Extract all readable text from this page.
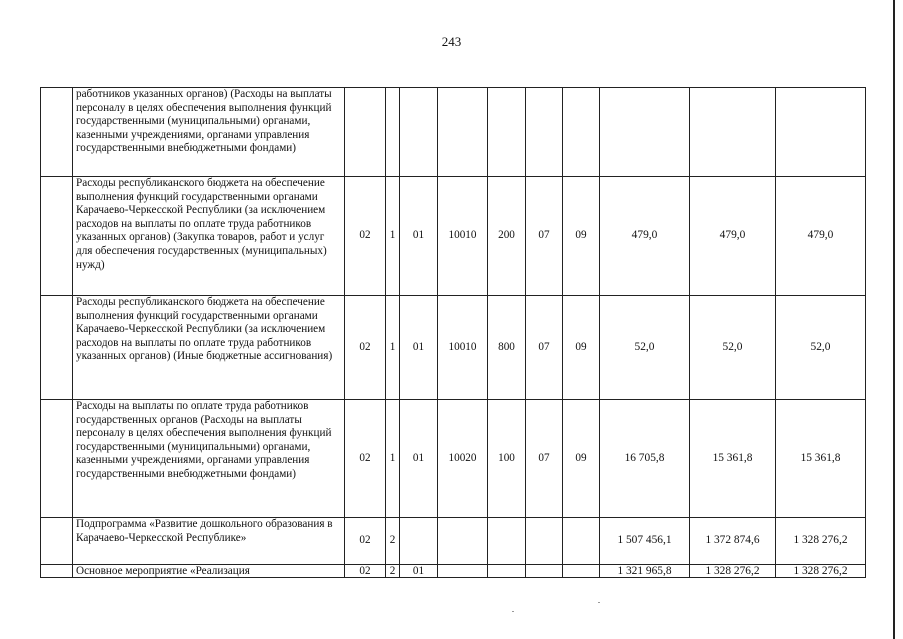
243
	работников указанных органов) (Расходы на выплаты персоналу в целях обеспечения выполнения функций государственными (муниципальными) органами, казенными учреждениями, органами управления государственными внебюджетными фондами)										
	Расходы республиканского бюджета на обеспечение выполнения функций государственными органами Карачаево-Черкесской Республики (за исключением расходов на выплаты по оплате труда работников указанных органов) (Закупка товаров, работ и услуг для обеспечения государственных (муниципальных) нужд)	02	1	01	10010	200	07	09	479,0	479,0	479,0
	Расходы республиканского бюджета на обеспечение выполнения функций государственными органами Карачаево-Черкесской Республики (за исключением расходов на выплаты по оплате труда работников указанных органов) (Иные бюджетные ассигнования)	02	1	01	10010	800	07	09	52,0	52,0	52,0
	Расходы на выплаты по оплате труда работников государственных органов (Расходы на выплаты персоналу в целях обеспечения выполнения функций государственными (муниципальными) органами, казенными учреждениями, органами управления государственными внебюджетными фондами)	02	1	01	10020	100	07	09	16 705,8	15 361,8	15 361,8
	Подпрограмма «Развитие дошкольного образования в Карачаево-Черкесской Республике»	02	2						1 507 456,1	1 372 874,6	1 328 276,2
	Основное мероприятие «Реализация	02	2	01					1 321 965,8	1 328 276,2	1 328 276,2
